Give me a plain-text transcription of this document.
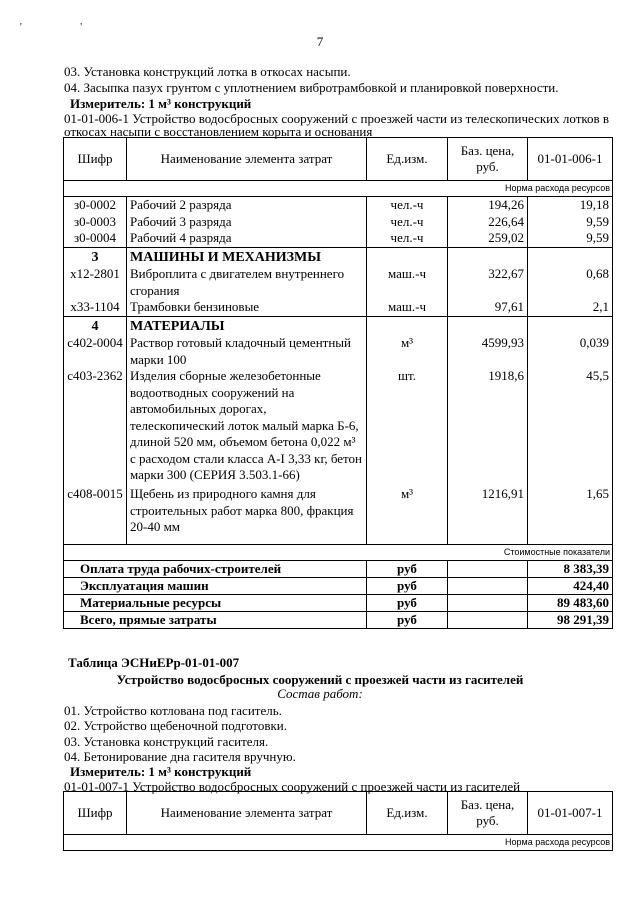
' '
7
03. Установка конструкций лотка в откосах насыпи.
04. Засыпка пазух грунтом с уплотнением вибротрамбовкой и планировкой поверхности.
Измеритель: 1 м³ конструкций
01-01-006-1 Устройство водосбросных сооружений с проезжей части из телескопических лотков в
откосах насыпи с восстановлением корыта и основания
Шифр	Наименование элемента затрат	Ед.изм.	Баз. цена, руб.	01-01-006-1
Норма расхода ресурсов				
з0-0002	Рабочий 2 разряда	чел.-ч	194,26	19,18
з0-0003	Рабочий 3 разряда	чел.-ч	226,64	9,59
з0-0004	Рабочий 4 разряда	чел.-ч	259,02	9,59
3	МАШИНЫ И МЕХАНИЗМЫ			
х12-2801	Виброплита с двигателем внутреннего сгорания	маш.-ч	322,67	0,68
х33-1104	Трамбовки бензиновые	маш.-ч	97,61	2,1
4	МАТЕРИАЛЫ			
с402-0004	Раствор готовый кладочный цементный марки 100	м³	4599,93	0,039
с403-2362	Изделия сборные железобетонные водоотводных сооружений на автомобильных дорогах, телескопический лоток малый марка Б-6, длиной 520 мм, объемом бетона 0,022 м³ с расходом стали класса А-I 3,33 кг, бетон марки 300 (СЕРИЯ 3.503.1-66)	шт.	1918,6	45,5
с408-0015	Щебень из природного камня для строительных работ марка 800, фракция 20-40 мм	м³	1216,91	1,65
Стоимостные показатели				
Оплата труда рабочих-строителей		руб		8 383,39
Эксплуатация машин		руб		424,40
Материальные ресурсы		руб		89 483,60
Всего, прямые затраты		руб		98 291,39
Таблица ЭСНиЕРр-01-01-007
Устройство водосбросных сооружений с проезжей части из гасителей
Состав работ:
01. Устройство котлована под гаситель.
02. Устройство щебеночной подготовки.
03. Установка конструкций гасителя.
04. Бетонирование дна гасителя вручную.
Измеритель: 1 м³ конструкций
01-01-007-1 Устройство водосбросных сооружений с проезжей части из гасителей
Шифр	Наименование элемента затрат	Ед.изм.	Баз. цена, руб.	01-01-007-1
Норма расхода ресурсов
